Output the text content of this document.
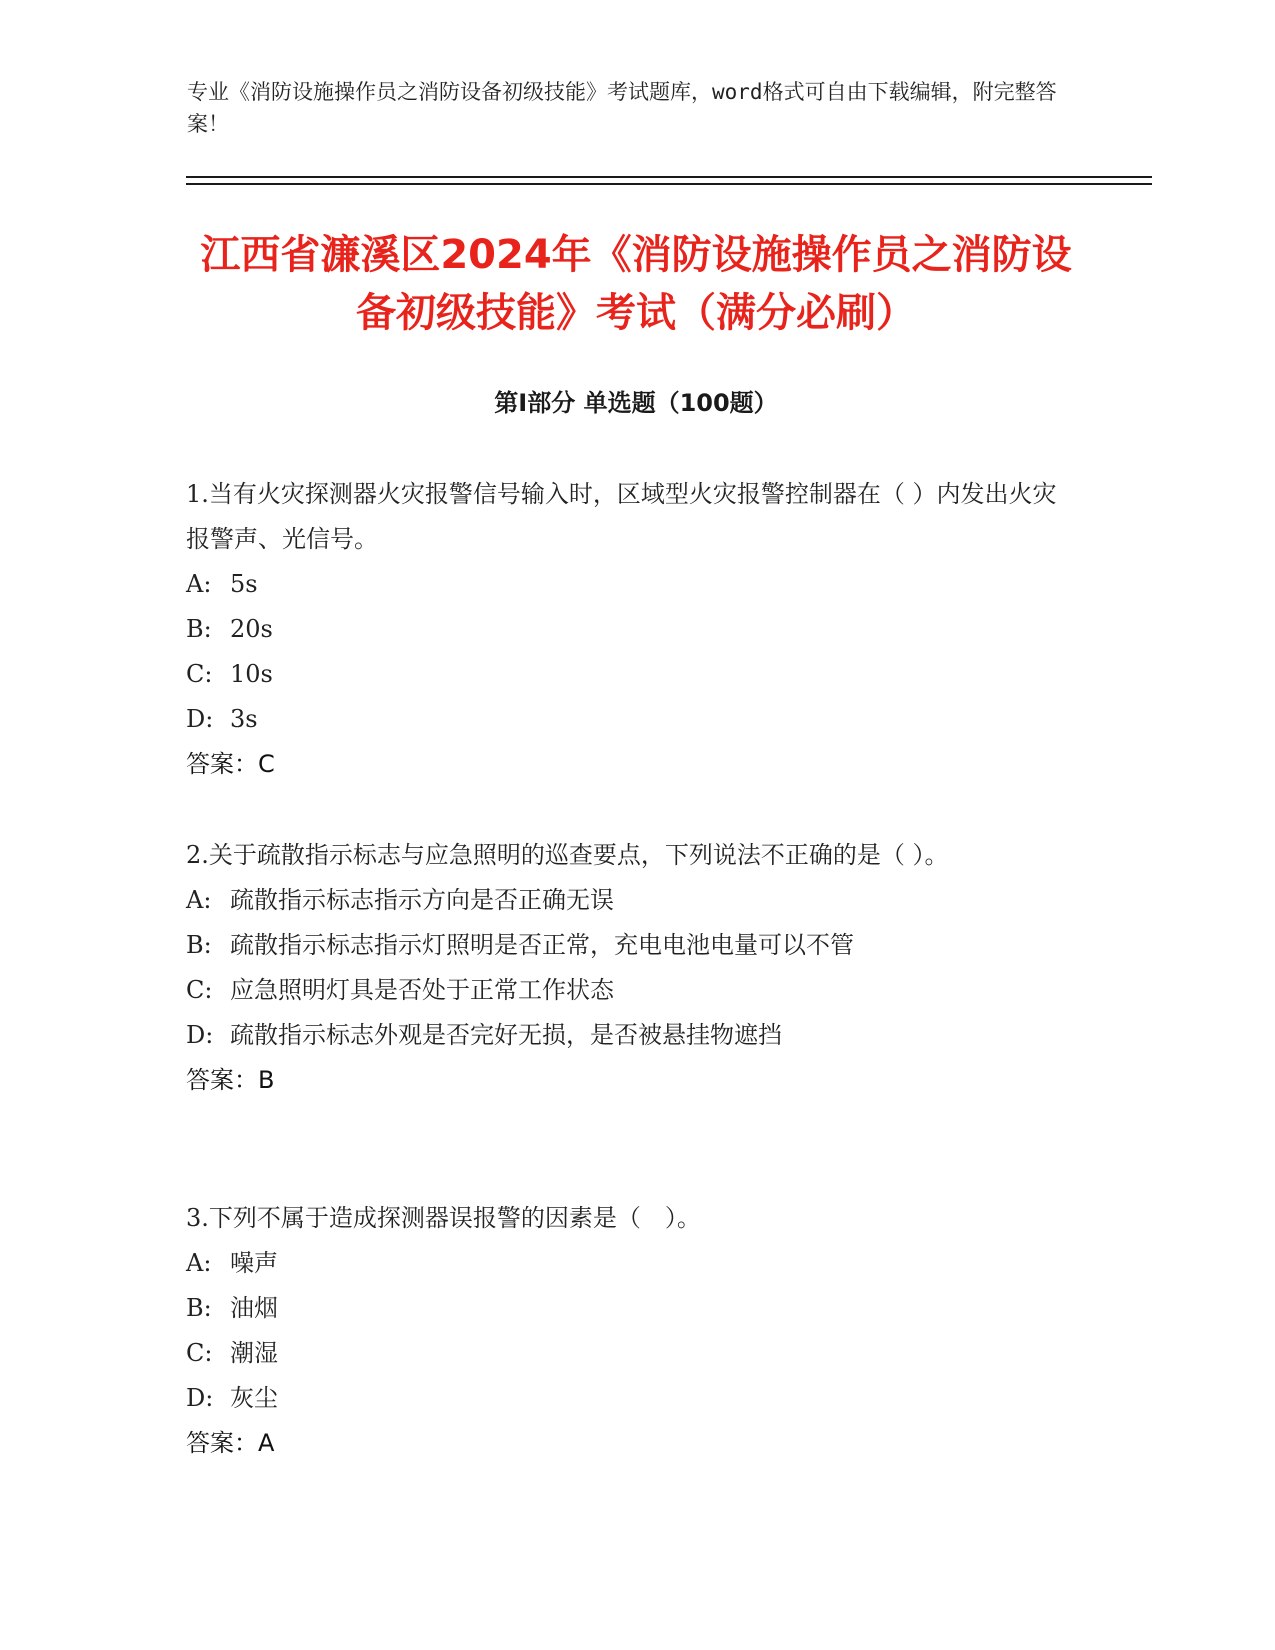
专业《消防设施操作员之消防设备初级技能》考试题库，word格式可自由下载编辑，附完整答案！
江西省濂溪区2024年《消防设施操作员之消防设备初级技能》考试（满分必刷）
第Ⅰ部分 单选题（100题）

1.当有火灾探测器火灾报警信号输入时，区域型火灾报警控制器在（ ）内发出火灾报警声、光信号。

A: 5s

B: 20s

C: 10s

D: 3s

答案：C

2.关于疏散指示标志与应急照明的巡查要点，下列说法不正确的是（ ）。

A: 疏散指示标志指示方向是否正确无误

B: 疏散指示标志指示灯照明是否正常，充电电池电量可以不管

C: 应急照明灯具是否处于正常工作状态

D: 疏散指示标志外观是否完好无损，是否被悬挂物遮挡

答案：B

3.下列不属于造成探测器误报警的因素是（　）。

A: 噪声

B: 油烟

C: 潮湿

D: 灰尘

答案：A
